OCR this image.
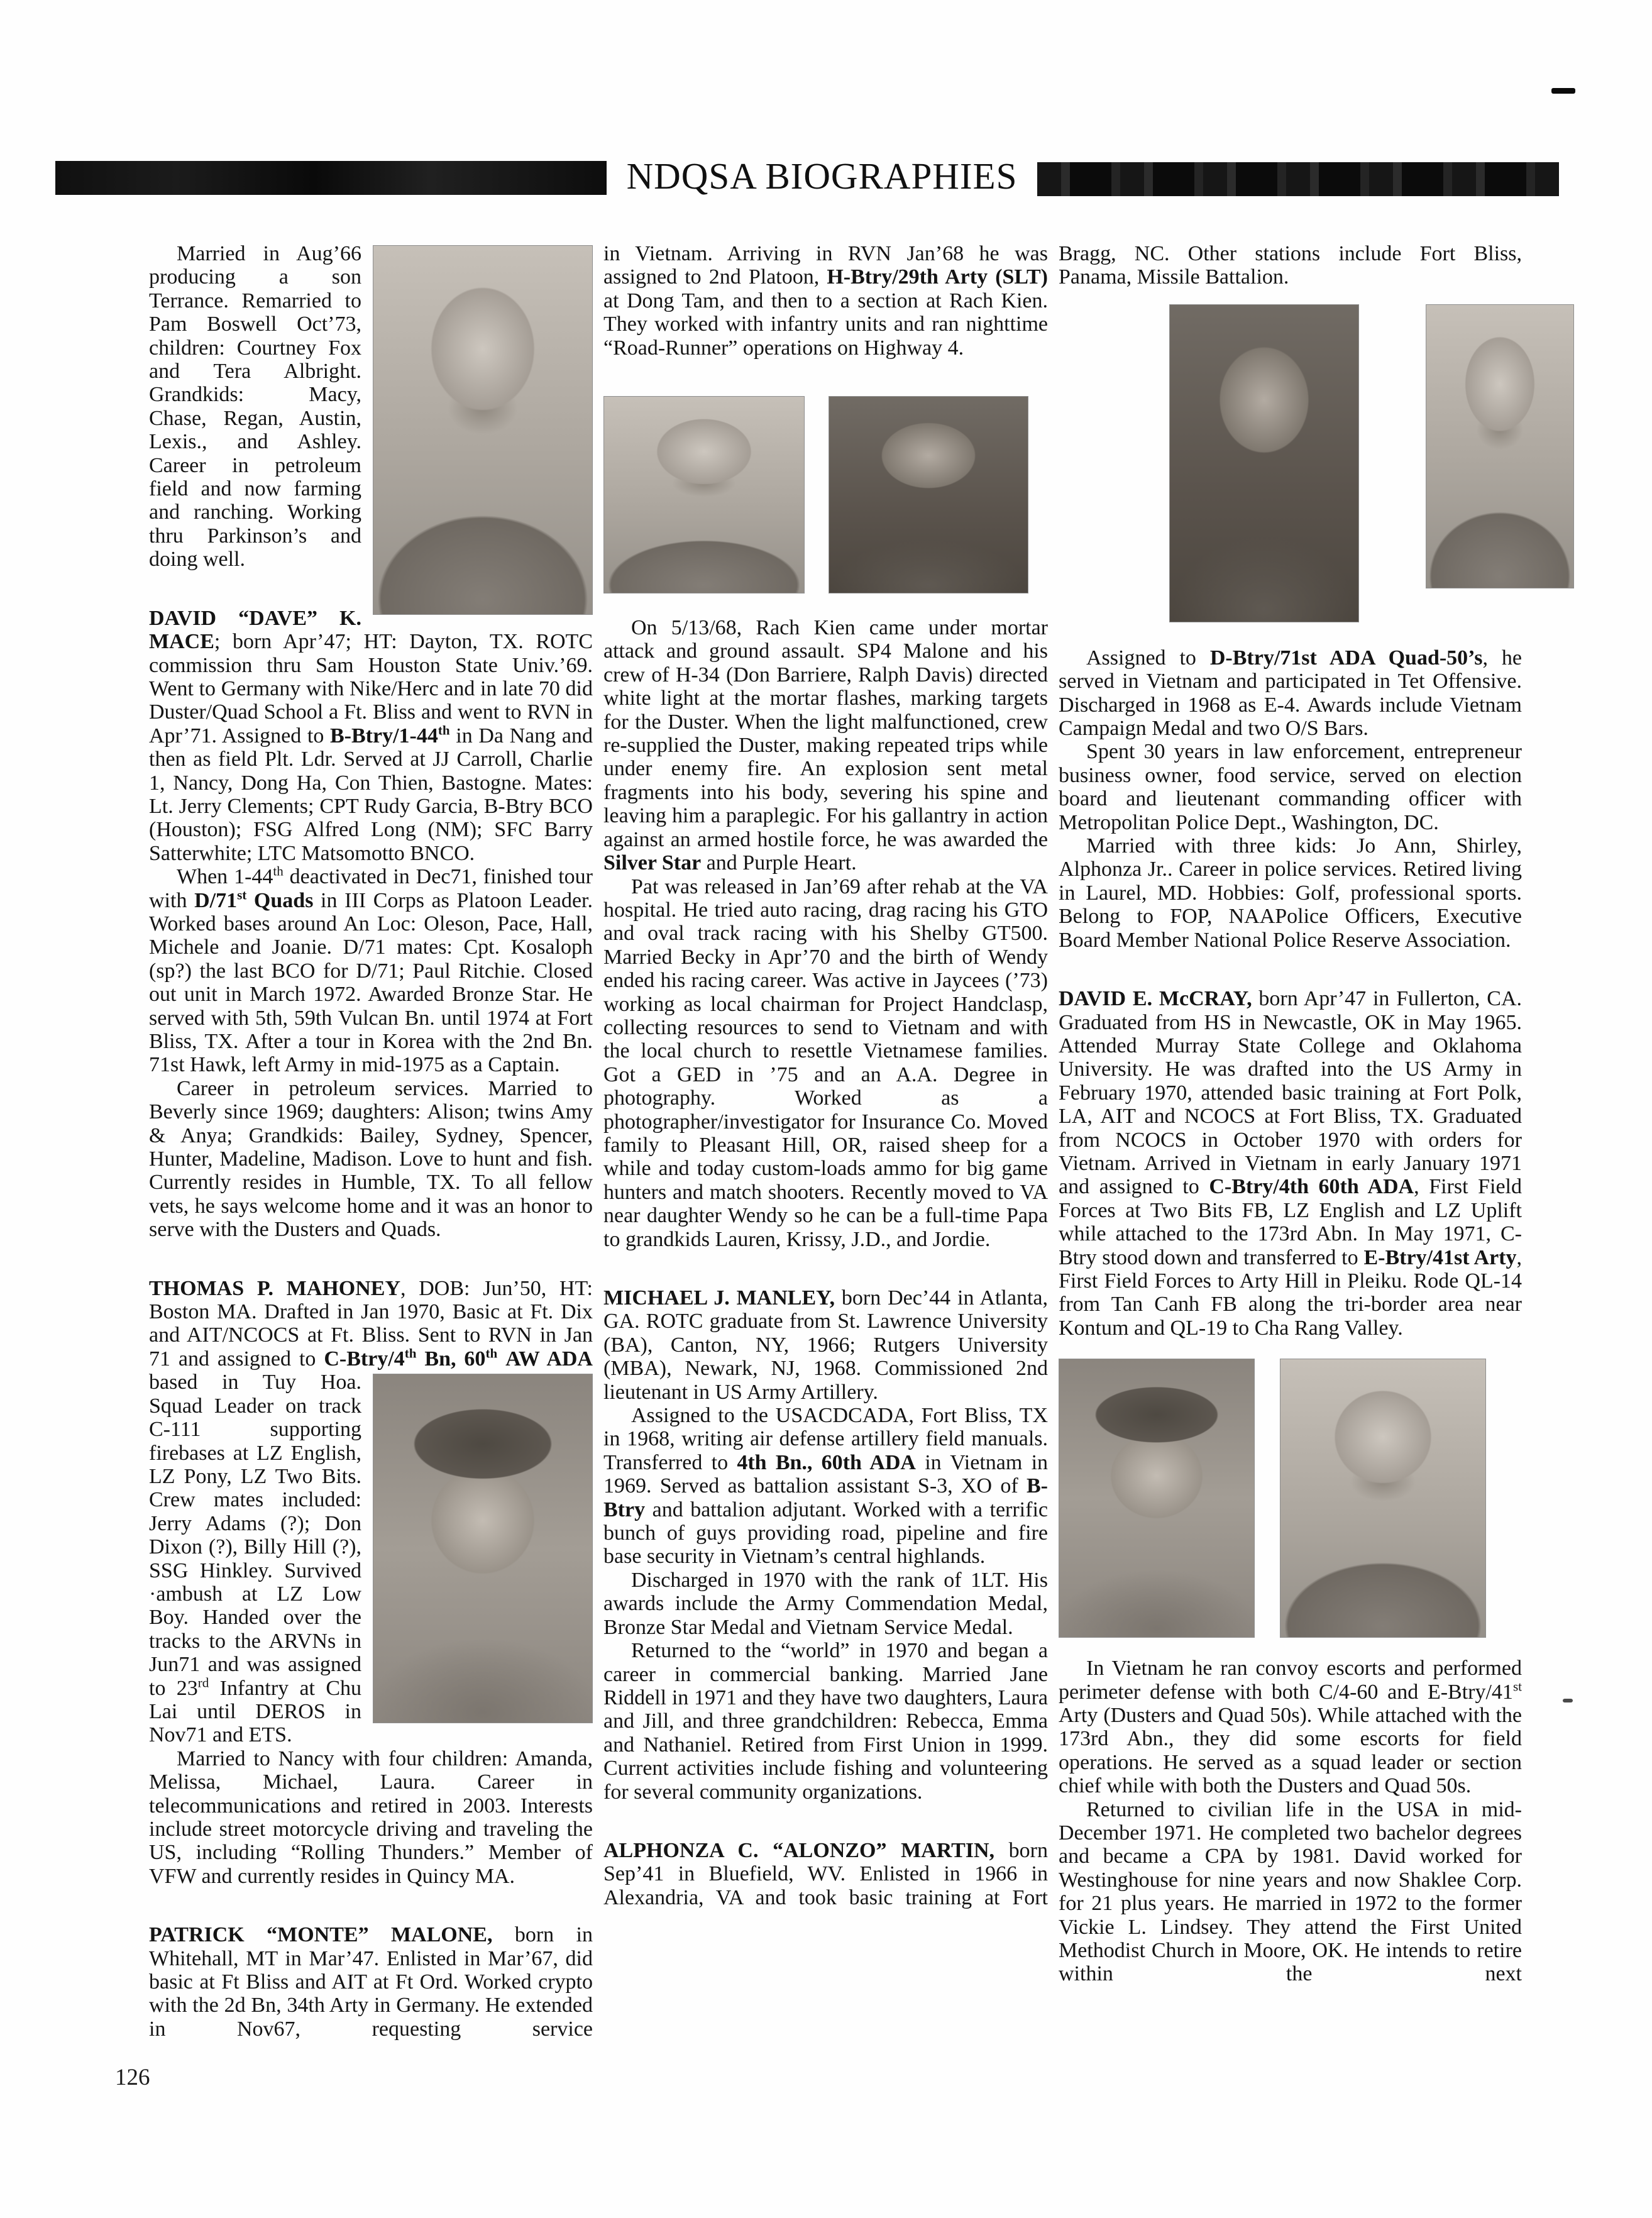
NDQSA BIOGRAPHIES

Married in Aug’66 producing a son Terrance. Remarried to Pam Boswell Oct’73, children: Courtney Fox and Tera Albright. Grandkids: Macy, Chase, Regan, Austin, Lexis., and Ashley. Career in petroleum field and now farming and ranching. Working thru Parkinson’s and doing well.

DAVID “DAVE” K. MACE; born Apr’47; HT: Dayton, TX. ROTC commission thru Sam Houston State Univ.’69. Went to Germany with Nike/Herc and in late 70 did Duster/Quad School a Ft. Bliss and went to RVN in Apr’71. Assigned to B-Btry/1-44th in Da Nang and then as field Plt. Ldr. Served at JJ Carroll, Charlie 1, Nancy, Dong Ha, Con Thien, Bastogne. Mates: Lt. Jerry Clements; CPT Rudy Garcia, B-Btry BCO (Houston); FSG Alfred Long (NM); SFC Barry Satterwhite; LTC Matsomotto BNCO.

When 1-44th deactivated in Dec71, finished tour with D/71st Quads in III Corps as Platoon Leader. Worked bases around An Loc: Oleson, Pace, Hall, Michele and Joanie. D/71 mates: Cpt. Kosaloph (sp?) the last BCO for D/71; Paul Ritchie. Closed out unit in March 1972. Awarded Bronze Star. He served with 5th, 59th Vulcan Bn. until 1974 at Fort Bliss, TX. After a tour in Korea with the 2nd Bn. 71st Hawk, left Army in mid-1975 as a Captain.

Career in petroleum services. Married to Beverly since 1969; daughters: Alison; twins Amy & Anya; Grandkids: Bailey, Sydney, Spencer, Hunter, Madeline, Madison. Love to hunt and fish. Currently resides in Humble, TX. To all fellow vets, he says welcome home and it was an honor to serve with the Dusters and Quads.

THOMAS P. MAHONEY, DOB: Jun’50, HT: Boston MA. Drafted in Jan 1970, Basic at Ft. Dix and AIT/NCOCS at Ft. Bliss. Sent to RVN in Jan 71 and assigned to C-Btry/4th Bn, 60th AW ADA based in Tuy Hoa. Squad Leader on track C-111 supporting firebases at LZ English, LZ Pony, LZ Two Bits. Crew mates included: Jerry Adams (?); Don Dixon (?), Billy Hill (?), SSG Hinkley. Survived ·ambush at LZ Low Boy. Handed over the tracks to the ARVNs in Jun71 and was assigned to 23rd Infantry at Chu Lai until DEROS in Nov71 and ETS.

Married to Nancy with four children: Amanda, Melissa, Michael, Laura. Career in telecommunications and retired in 2003. Interests include street motorcycle driving and traveling the US, including “Rolling Thunders.” Member of VFW and currently resides in Quincy MA.

PATRICK “MONTE” MALONE, born in Whitehall, MT in Mar’47. Enlisted in Mar’67, did basic at Ft Bliss and AIT at Ft Ord. Worked crypto with the 2d Bn, 34th Arty in Germany. He extended in Nov67, requesting service

in Vietnam. Arriving in RVN Jan’68 he was assigned to 2nd Platoon, H-Btry/29th Arty (SLT) at Dong Tam, and then to a section at Rach Kien. They worked with infantry units and ran nighttime “Road-Runner” operations on Highway 4.

On 5/13/68, Rach Kien came under mortar attack and ground assault. SP4 Malone and his crew of H-34 (Don Barriere, Ralph Davis) directed white light at the mortar flashes, marking targets for the Duster. When the light malfunctioned, crew re-supplied the Duster, making repeated trips while under enemy fire. An explosion sent metal fragments into his body, severing his spine and leaving him a paraplegic. For his gallantry in action against an armed hostile force, he was awarded the Silver Star and Purple Heart.

Pat was released in Jan’69 after rehab at the VA hospital. He tried auto racing, drag racing his GTO and oval track racing with his Shelby GT500. Married Becky in Apr’70 and the birth of Wendy ended his racing career. Was active in Jaycees (’73) working as local chairman for Project Handclasp, collecting resources to send to Vietnam and with the local church to resettle Vietnamese families. Got a GED in ’75 and an A.A. Degree in photography. Worked as a photographer/investigator for Insurance Co. Moved family to Pleasant Hill, OR, raised sheep for a while and today custom-loads ammo for big game hunters and match shooters. Recently moved to VA near daughter Wendy so he can be a full-time Papa to grandkids Lauren, Krissy, J.D., and Jordie.

MICHAEL J. MANLEY, born Dec’44 in Atlanta, GA. ROTC graduate from St. Lawrence University (BA), Canton, NY, 1966; Rutgers University (MBA), Newark, NJ, 1968. Commissioned 2nd lieutenant in US Army Artillery.

Assigned to the USACDCADA, Fort Bliss, TX in 1968, writing air defense artillery field manuals. Transferred to 4th Bn., 60th ADA in Vietnam in 1969. Served as battalion assistant S-3, XO of B-Btry and battalion adjutant. Worked with a terrific bunch of guys providing road, pipeline and fire base security in Vietnam’s central highlands.

Discharged in 1970 with the rank of 1LT. His awards include the Army Commendation Medal, Bronze Star Medal and Vietnam Service Medal.

Returned to the “world” in 1970 and began a career in commercial banking. Married Jane Riddell in 1971 and they have two daughters, Laura and Jill, and three grandchildren: Rebecca, Emma and Nathaniel. Retired from First Union in 1999. Current activities include fishing and volunteering for several community organizations.

ALPHONZA C. “ALONZO” MARTIN, born Sep’41 in Bluefield, WV. Enlisted in 1966 in Alexandria, VA and took basic training at Fort

Bragg, NC. Other stations include Fort Bliss, Panama, Missile Battalion.

Assigned to D-Btry/71st ADA Quad-50’s, he served in Vietnam and participated in Tet Offensive. Discharged in 1968 as E-4. Awards include Vietnam Campaign Medal and two O/S Bars.

Spent 30 years in law enforcement, entrepreneur business owner, food service, served on election board and lieutenant commanding officer with Metropolitan Police Dept., Washington, DC.

Married with three kids: Jo Ann, Shirley, Alphonza Jr.. Career in police services. Retired living in Laurel, MD. Hobbies: Golf, professional sports. Belong to FOP, NAAPolice Officers, Executive Board Member National Police Reserve Association.

DAVID E. McCRAY, born Apr’47 in Fullerton, CA. Graduated from HS in Newcastle, OK in May 1965. Attended Murray State College and Oklahoma University. He was drafted into the US Army in February 1970, attended basic training at Fort Polk, LA, AIT and NCOCS at Fort Bliss, TX. Graduated from NCOCS in October 1970 with orders for Vietnam. Arrived in Vietnam in early January 1971 and assigned to C-Btry/4th 60th ADA, First Field Forces at Two Bits FB, LZ English and LZ Uplift while attached to the 173rd Abn. In May 1971, C-Btry stood down and transferred to E-Btry/41st Arty, First Field Forces to Arty Hill in Pleiku. Rode QL-14 from Tan Canh FB along the tri-border area near Kontum and QL-19 to Cha Rang Valley.

In Vietnam he ran convoy escorts and performed perimeter defense with both C/4-60 and E-Btry/41st Arty (Dusters and Quad 50s). While attached with the 173rd Abn., they did some escorts for field operations. He served as a squad leader or section chief while with both the Dusters and Quad 50s.

Returned to civilian life in the USA in mid-December 1971. He completed two bachelor degrees and became a CPA by 1981. David worked for Westinghouse for nine years and now Shaklee Corp. for 21 plus years. He married in 1972 to the former Vickie L. Lindsey. They attend the First United Methodist Church in Moore, OK. He intends to retire within the next

126
